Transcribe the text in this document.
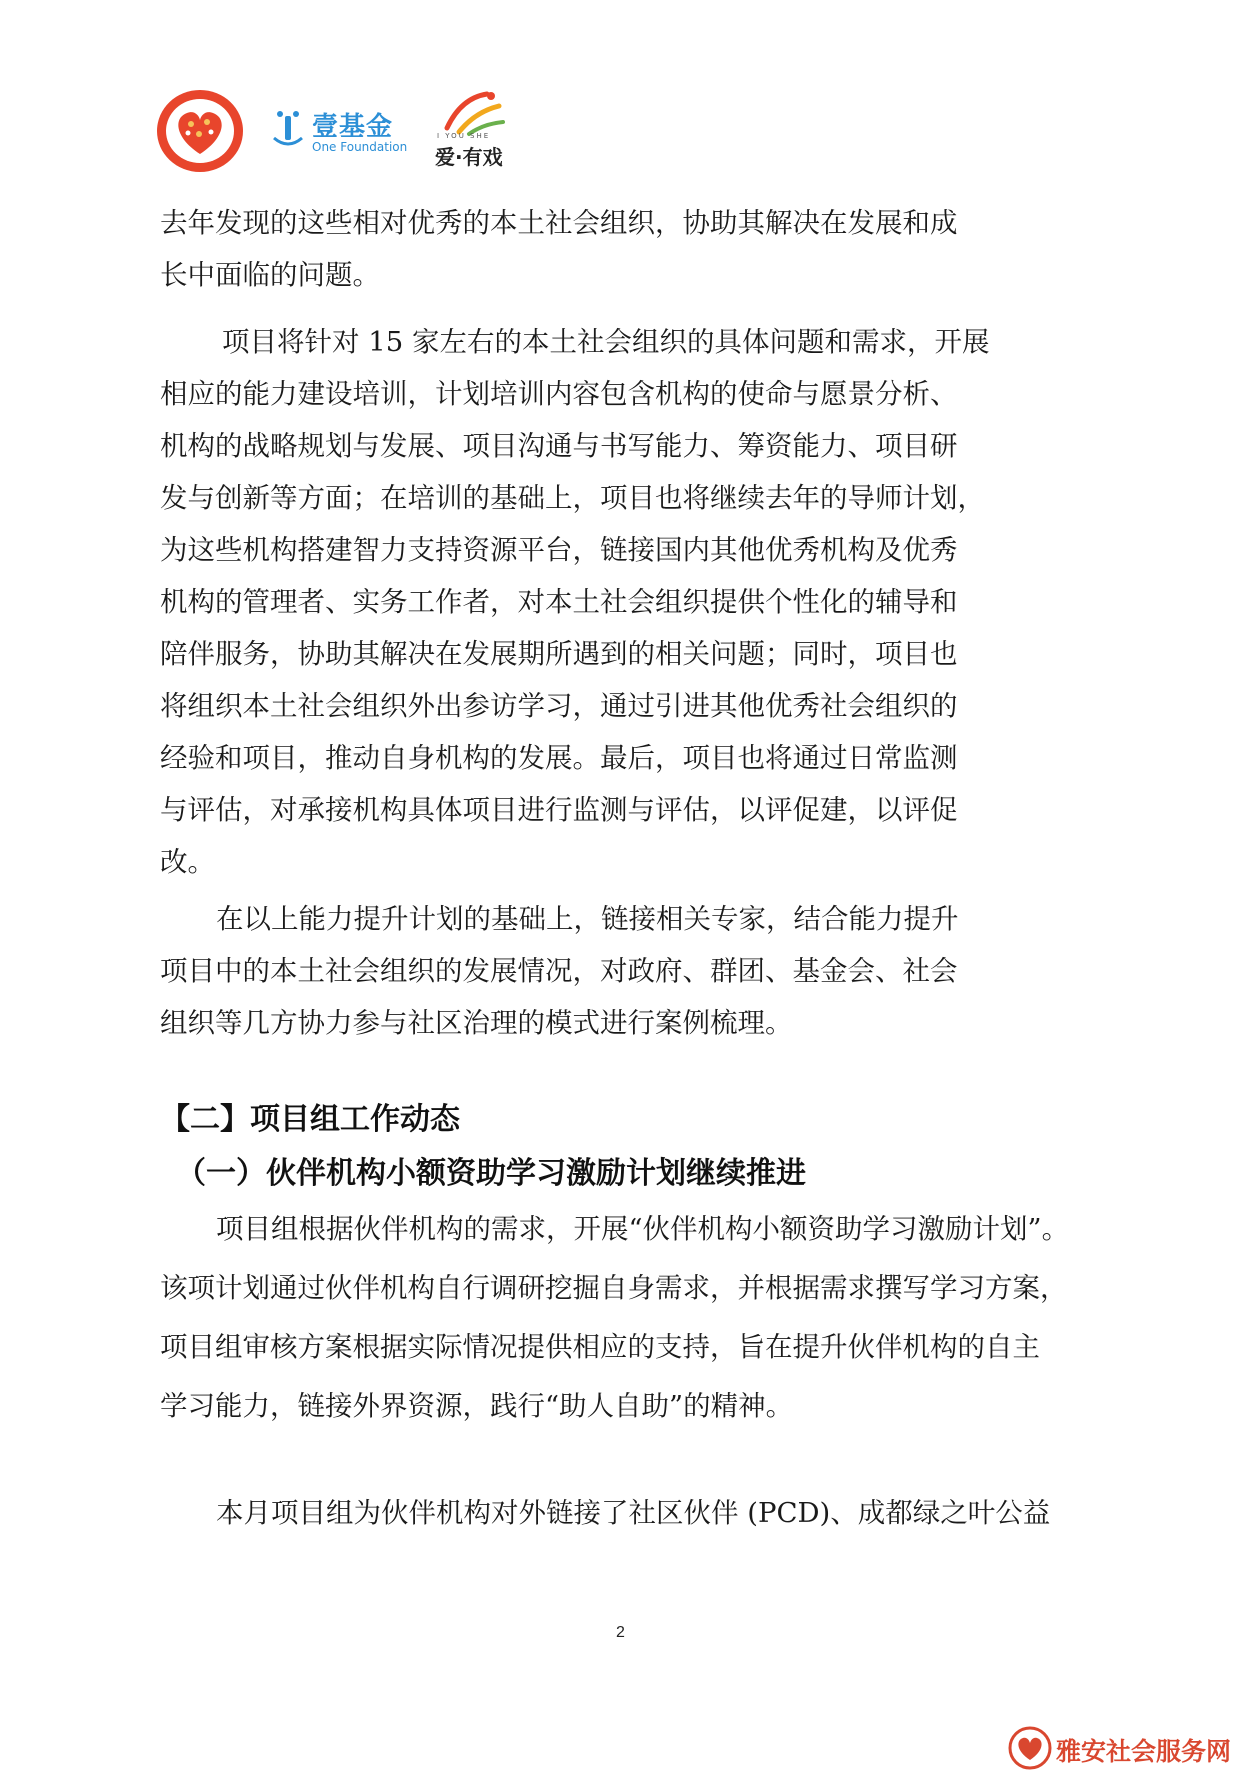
壹基金
One Foundation
I YOU SHE
爱·有戏
去年发现的这些相对优秀的本土社会组织，协助其解决在发展和成
长中面临的问题。
项目将针对 15 家左右的本土社会组织的具体问题和需求，开展
相应的能力建设培训，计划培训内容包含机构的使命与愿景分析、
机构的战略规划与发展、项目沟通与书写能力、筹资能力、项目研
发与创新等方面；在培训的基础上，项目也将继续去年的导师计划，
为这些机构搭建智力支持资源平台，链接国内其他优秀机构及优秀
机构的管理者、实务工作者，对本土社会组织提供个性化的辅导和
陪伴服务，协助其解决在发展期所遇到的相关问题；同时，项目也
将组织本土社会组织外出参访学习，通过引进其他优秀社会组织的
经验和项目，推动自身机构的发展。最后，项目也将通过日常监测
与评估，对承接机构具体项目进行监测与评估，以评促建，以评促
改。
在以上能力提升计划的基础上，链接相关专家，结合能力提升
项目中的本土社会组织的发展情况，对政府、群团、基金会、社会
组织等几方协力参与社区治理的模式进行案例梳理。
【二】项目组工作动态
（一）伙伴机构小额资助学习激励计划继续推进
项目组根据伙伴机构的需求，开展“伙伴机构小额资助学习激励计划”。
该项计划通过伙伴机构自行调研挖掘自身需求，并根据需求撰写学习方案，
项目组审核方案根据实际情况提供相应的支持，旨在提升伙伴机构的自主
学习能力，链接外界资源，践行“助人自助”的精神。
本月项目组为伙伴机构对外链接了社区伙伴 (PCD)、成都绿之叶公益
2
雅安社会服务网
